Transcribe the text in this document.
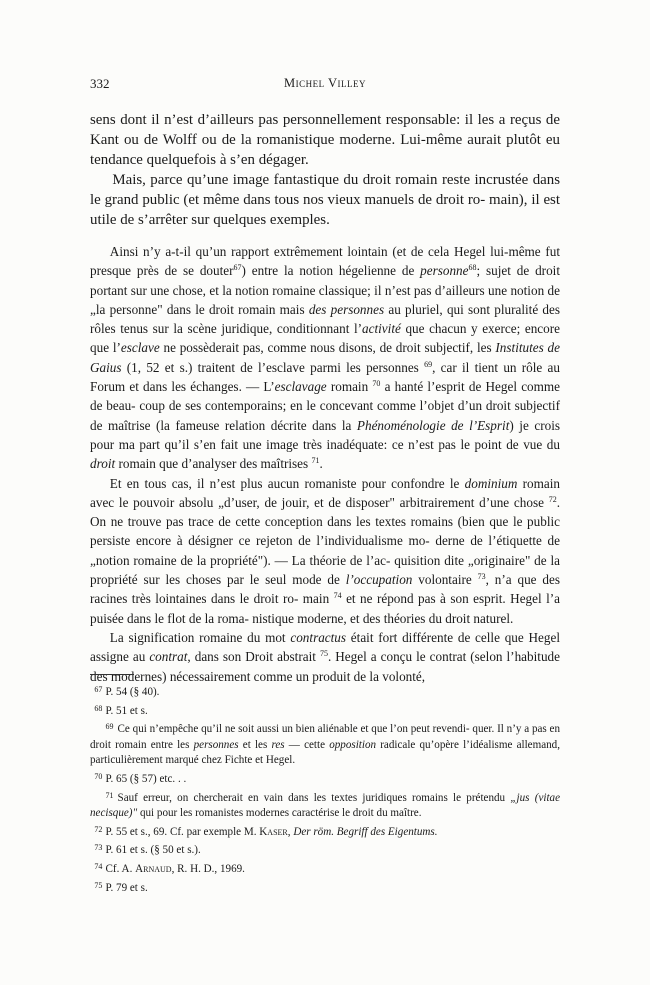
332	Michel Villey

sens dont il n’est d’ailleurs pas personnellement responsable: il les a reçus de Kant ou de Wolff ou de la romanistique moderne. Lui-même aurait plutôt eu tendance quelquefois à s’en dégager.

Mais, parce qu’une image fantastique du droit romain reste incrustée dans le grand public (et même dans tous nos vieux manuels de droit ro- main), il est utile de s’arrêter sur quelques exemples.

Ainsi n’y a-t-il qu’un rapport extrêmement lointain (et de cela Hegel lui-même fut presque près de se douter$^{67}$) entre la notion hégelienne de personne$^{68}$; sujet de droit portant sur une chose, et la notion romaine classique; il n’est pas d’ailleurs une notion de „la personne" dans le droit romain mais des personnes au pluriel, qui sont pluralité des rôles tenus sur la scène juridique, conditionnant l’activité que chacun y exerce; encore que l’esclave ne possèderait pas, comme nous disons, de droit subjectif, les Institutes de Gaius (1, 52 et s.) traitent de l’esclave parmi les personnes $^{69}$, car il tient un rôle au Forum et dans les échanges. — L’esclavage romain $^{70}$ a hanté l’esprit de Hegel comme de beau- coup de ses contemporains; en le concevant comme l’objet d’un droit subjectif de maîtrise (la fameuse relation décrite dans la Phénoménologie de l’Esprit) je crois pour ma part qu’il s’en fait une image très inadéquate: ce n’est pas le point de vue du droit romain que d’analyser des maîtrises $^{71}$.

Et en tous cas, il n’est plus aucun romaniste pour confondre le dominium romain avec le pouvoir absolu „d’user, de jouir, et de disposer" arbitrairement d’une chose $^{72}$. On ne trouve pas trace de cette conception dans les textes romains (bien que le public persiste encore à désigner ce rejeton de l’individualisme mo- derne de l’étiquette de „notion romaine de la propriété"). — La théorie de l’ac- quisition dite „originaire" de la propriété sur les choses par le seul mode de l’occupation volontaire $^{73}$, n’a que des racines très lointaines dans le droit ro- main $^{74}$ et ne répond pas à son esprit. Hegel l’a puisée dans le flot de la roma- nistique moderne, et des théories du droit naturel.

La signification romaine du mot contractus était fort différente de celle que Hegel assigne au contrat, dans son Droit abstrait $^{75}$. Hegel a conçu le contrat (selon l’habitude des modernes) nécessairement comme un produit de la volonté,

67 P. 54 (§ 40).
68 P. 51 et s.
69 Ce qui n’empêche qu’il ne soit aussi un bien aliénable et que l’on peut revendi- quer. Il n’y a pas en droit romain entre les personnes et les res — cette opposition radicale qu’opère l’idéalisme allemand, particulièrement marqué chez Fichte et Hegel.
70 P. 65 (§ 57) etc. . .
71 Sauf erreur, on chercherait en vain dans les textes juridiques romains le prétendu „jus (vitae necisque)" qui pour les romanistes modernes caractérise le droit du maître.
72 P. 55 et s., 69. Cf. par exemple M. Kaser, Der röm. Begriff des Eigentums.
73 P. 61 et s. (§ 50 et s.).
74 Cf. A. Arnaud, R. H. D., 1969.
75 P. 79 et s.
